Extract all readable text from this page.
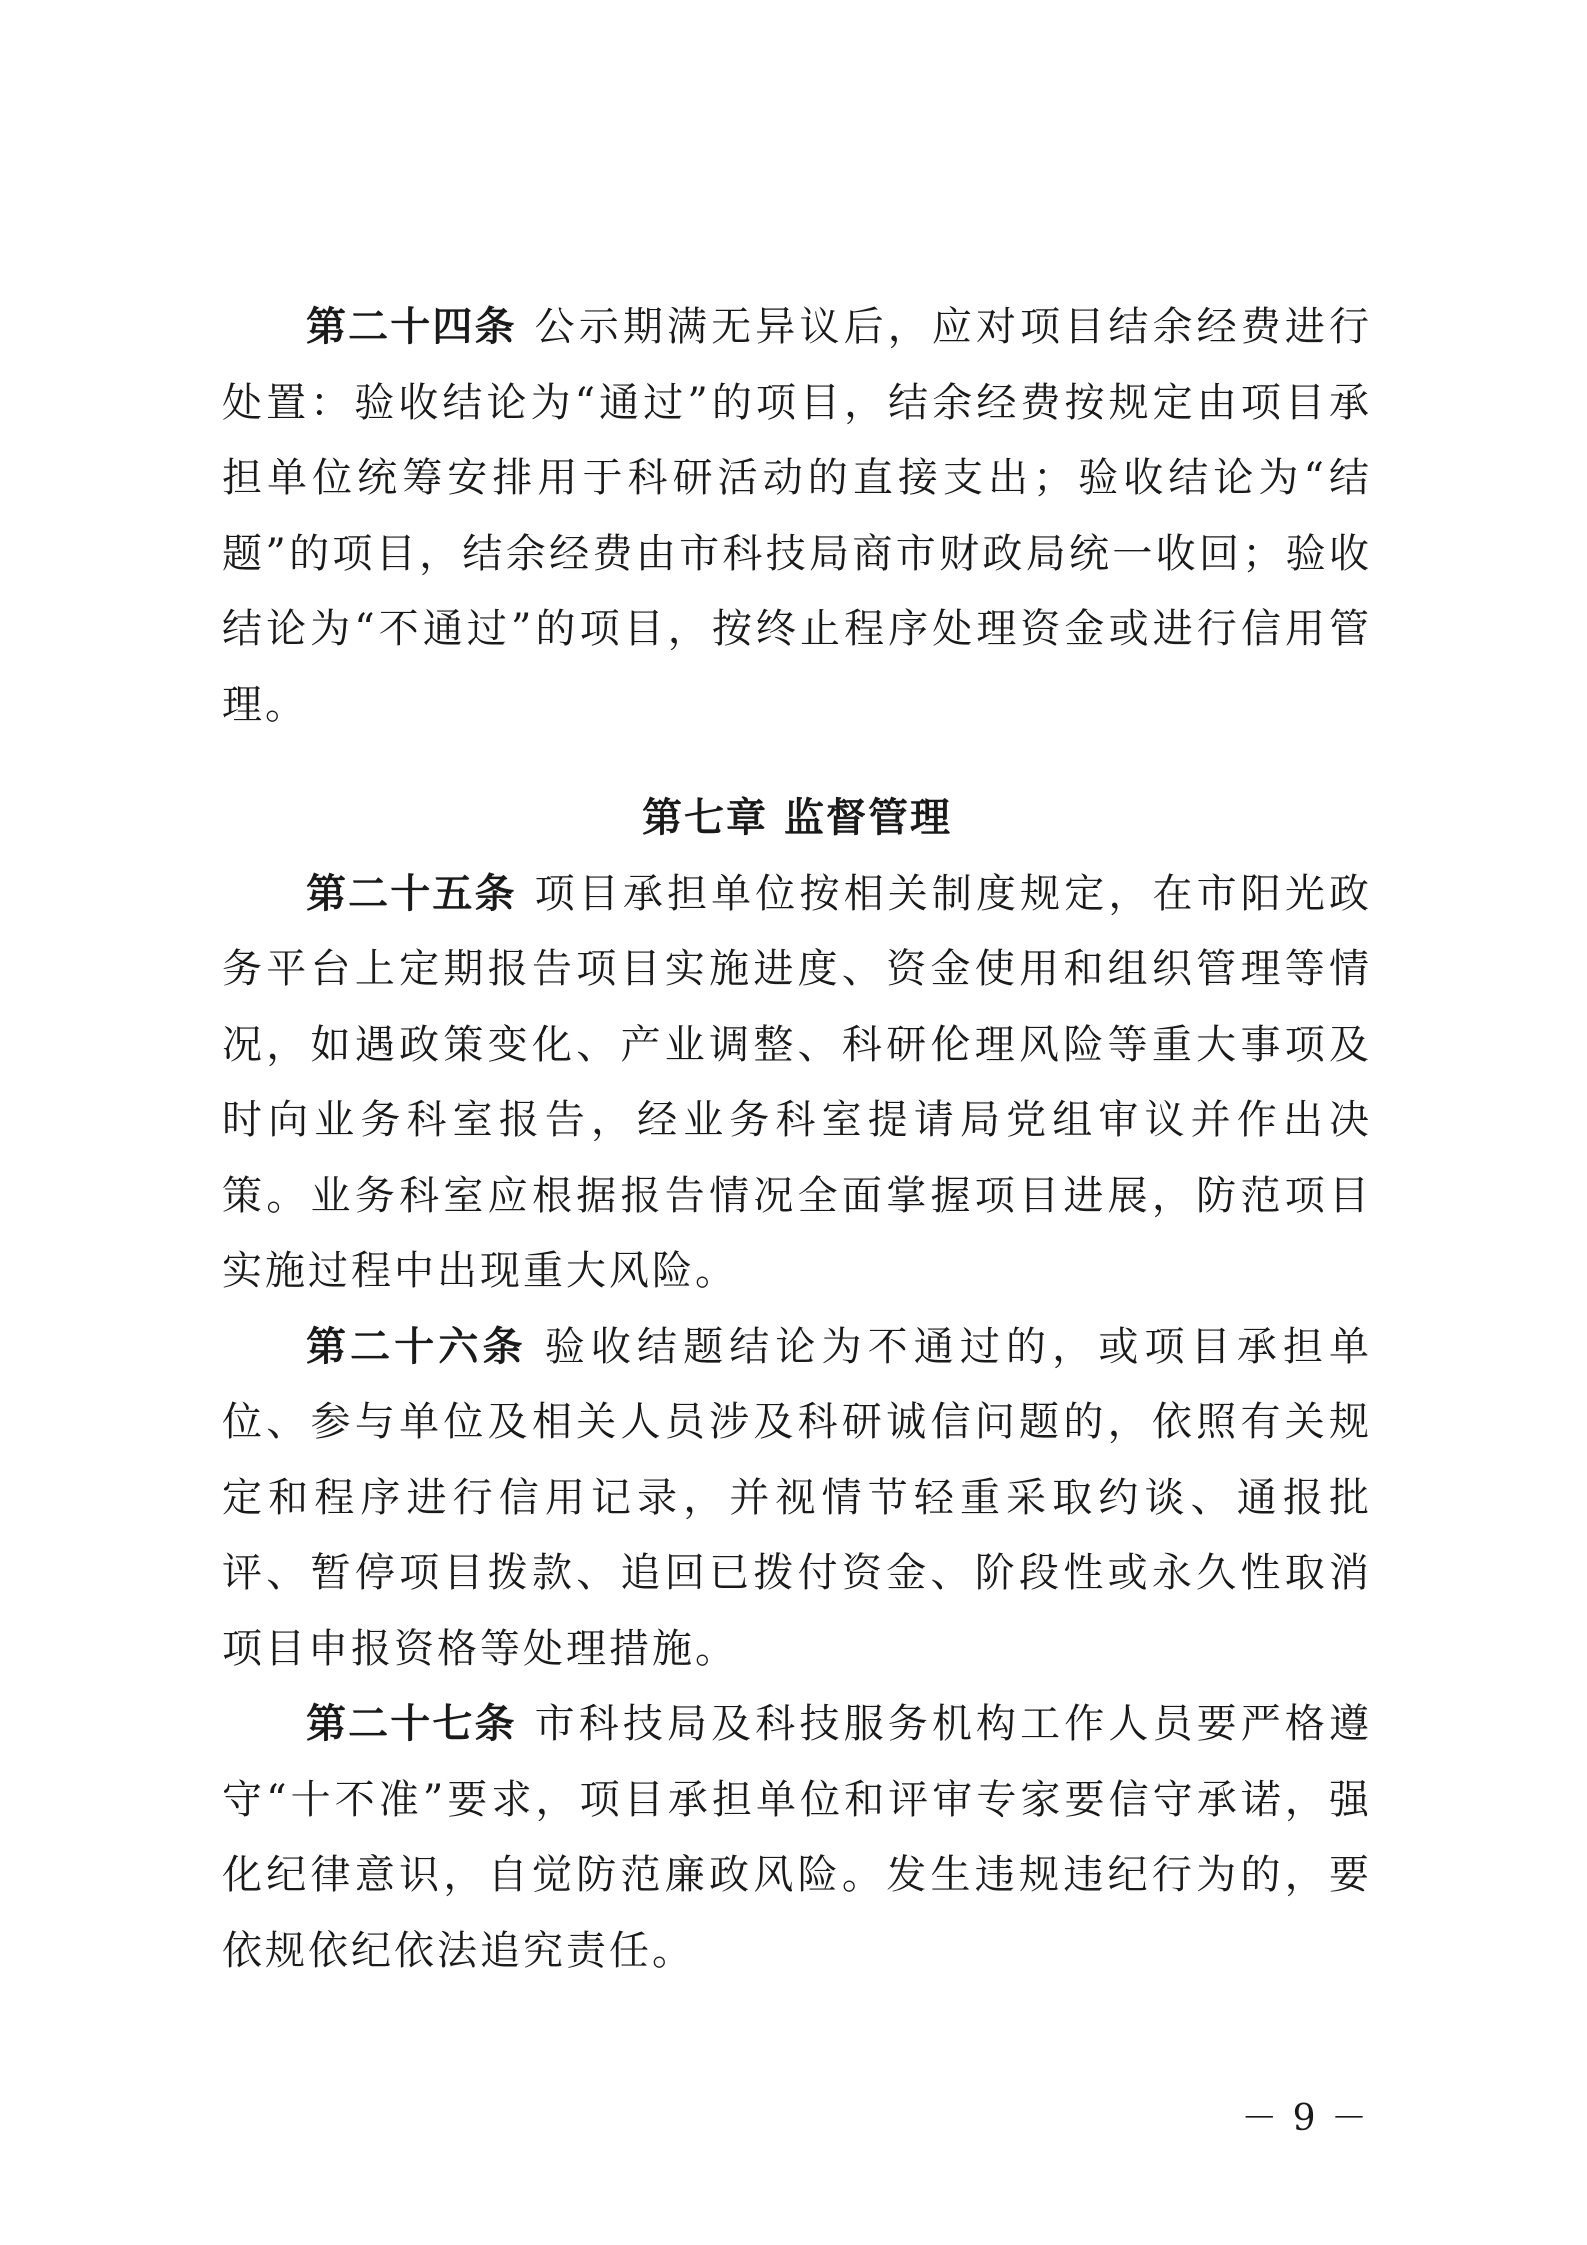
第二十四条 公示期满无异议后，应对项目结余经费进行处置：验收结论为“通过”的项目，结余经费按规定由项目承担单位统筹安排用于科研活动的直接支出；验收结论为“结题”的项目，结余经费由市科技局商市财政局统一收回；验收结论为“不通过”的项目，按终止程序处理资金或进行信用管理。

第七章 监督管理

第二十五条 项目承担单位按相关制度规定，在市阳光政务平台上定期报告项目实施进度、资金使用和组织管理等情况，如遇政策变化、产业调整、科研伦理风险等重大事项及时向业务科室报告，经业务科室提请局党组审议并作出决策。业务科室应根据报告情况全面掌握项目进展，防范项目实施过程中出现重大风险。

第二十六条 验收结题结论为不通过的，或项目承担单位、参与单位及相关人员涉及科研诚信问题的，依照有关规定和程序进行信用记录，并视情节轻重采取约谈、通报批评、暂停项目拨款、追回已拨付资金、阶段性或永久性取消项目申报资格等处理措施。

第二十七条 市科技局及科技服务机构工作人员要严格遵守“十不准”要求，项目承担单位和评审专家要信守承诺，强化纪律意识，自觉防范廉政风险。发生违规违纪行为的，要依规依纪依法追究责任。

－ 9 －
